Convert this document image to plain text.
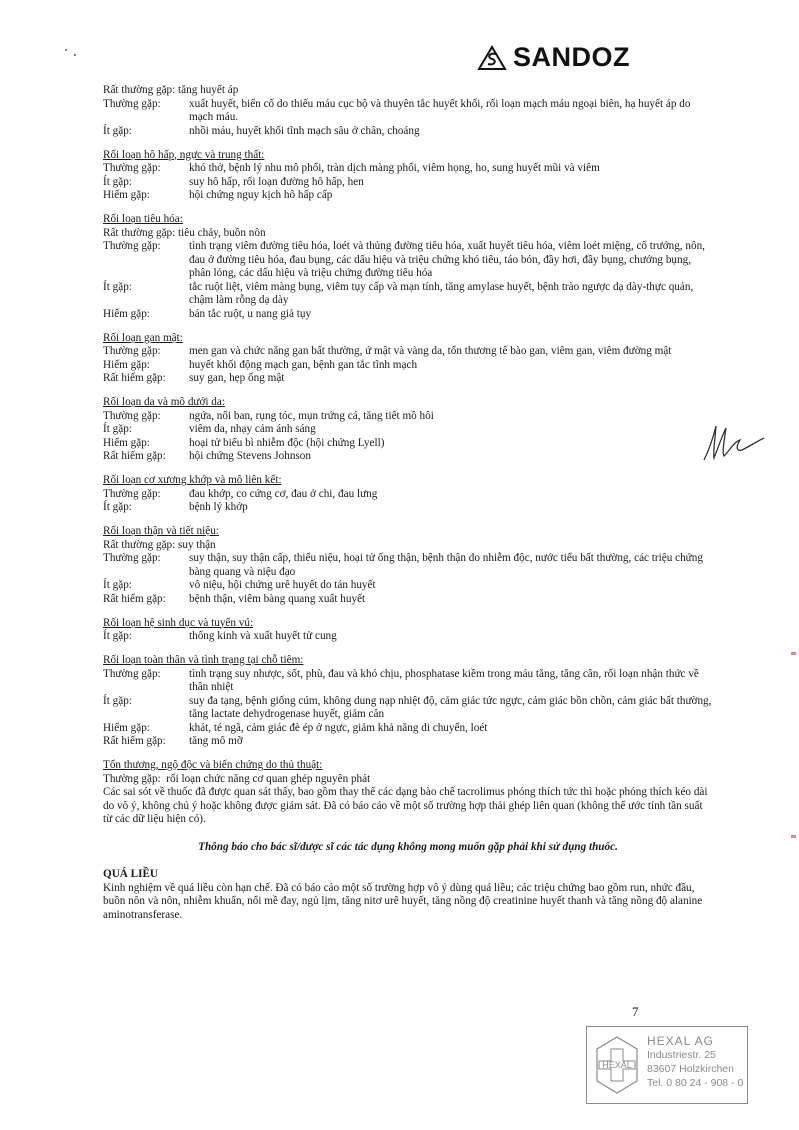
SANDOZ
Rất thường gặp: tăng huyết áp
Thường gặp:	xuất huyết, biến cố do thiếu máu cục bộ và thuyên tắc huyết khối, rối loạn mạch máu ngoại biên, hạ huyết áp do mạch máu.
Ít gặp:	nhồi máu, huyết khối tĩnh mạch sâu ở chân, choáng
Rối loạn hô hấp, ngực và trung thất:
Thường gặp:	khó thở, bệnh lý nhu mô phổi, tràn dịch màng phổi, viêm họng, ho, sung huyết mũi và viêm
Ít gặp:	suy hô hấp, rối loạn đường hô hấp, hen
Hiếm gặp:	hội chứng nguy kịch hô hấp cấp
Rối loạn tiêu hóa:
Rất thường gặp: tiêu chảy, buồn nôn
Thường gặp:	tình trạng viêm đường tiêu hóa, loét và thủng đường tiêu hóa, xuất huyết tiêu hóa, viêm loét miệng, cổ trướng, nôn, đau ở đường tiêu hóa, đau bụng, các dấu hiệu và triệu chứng khó tiêu, táo bón, đầy hơi, đầy bụng, chướng bụng, phân lỏng, các dấu hiệu và triệu chứng đường tiêu hóa
Ít gặp:	tắc ruột liệt, viêm màng bụng, viêm tụy cấp và mạn tính, tăng amylase huyết, bệnh trào ngược dạ dày-thực quản, chậm làm rỗng dạ dày
Hiếm gặp:	bán tắc ruột, u nang giả tụy
Rối loạn gan mật:
Thường gặp:	men gan và chức năng gan bất thường, ứ mật và vàng da, tổn thương tế bào gan, viêm gan, viêm đường mật
Hiếm gặp:	huyết khối động mạch gan, bệnh gan tắc tĩnh mạch
Rất hiếm gặp:	suy gan, hẹp ống mật
Rối loạn da và mô dưới da:
Thường gặp:	ngứa, nổi ban, rụng tóc, mụn trứng cá, tăng tiết mồ hôi
Ít gặp:	viêm da, nhạy cảm ánh sáng
Hiếm gặp:	hoại tử biểu bì nhiễm độc (hội chứng Lyell)
Rất hiếm gặp:	hội chứng Stevens Johnson
Rối loạn cơ xương khớp và mô liên kết:
Thường gặp:	đau khớp, co cứng cơ, đau ở chi, đau lưng
Ít gặp:	bệnh lý khớp
Rối loạn thận và tiết niệu:
Rất thường gặp: suy thận
Thường gặp:	suy thận, suy thận cấp, thiểu niệu, hoại tử ống thận, bệnh thận do nhiễm độc, nước tiểu bất thường, các triệu chứng bàng quang và niệu đạo
Ít gặp:	vô niệu, hội chứng urê huyết do tán huyết
Rất hiếm gặp:	bệnh thận, viêm bàng quang xuất huyết
Rối loạn hệ sinh dục và tuyến vú:
Ít gặp:	thống kinh và xuất huyết tử cung
Rối loạn toàn thân và tình trạng tại chỗ tiêm:
Thường gặp:	tình trạng suy nhược, sốt, phù, đau và khó chịu, phosphatase kiềm trong máu tăng, tăng cân, rối loạn nhận thức về thân nhiệt
Ít gặp:	suy đa tạng, bệnh giống cúm, không dung nạp nhiệt độ, cảm giác tức ngực, cảm giác bồn chồn, cảm giác bất thường, tăng lactate dehydrogenase huyết, giảm cân
Hiếm gặp:	khát, té ngã, cảm giác đè ép ở ngực, giảm khả năng di chuyển, loét
Rất hiếm gặp:	tăng mô mỡ
Tổn thương, ngộ độc và biến chứng do thủ thuật:
Thường gặp: rối loạn chức năng cơ quan ghép nguyên phát
Các sai sót về thuốc đã được quan sát thấy, bao gồm thay thế các dạng bào chế tacrolimus phóng thích tức thì hoặc phóng thích kéo dài do vô ý, không chủ ý hoặc không được giám sát. Đã có báo cáo về một số trường hợp thải ghép liên quan (không thể ước tính tần suất từ các dữ liệu hiện có).
Thông báo cho bác sĩ/dược sĩ các tác dụng không mong muốn gặp phải khi sử dụng thuốc.
QUÁ LIỀU
Kinh nghiệm về quá liều còn hạn chế. Đã có báo cáo một số trường hợp vô ý dùng quá liều; các triệu chứng bao gồm run, nhức đầu, buồn nôn và nôn, nhiễm khuẩn, nổi mề đay, ngủ lịm, tăng nitơ urê huyết, tăng nồng độ creatinine huyết thanh và tăng nồng độ alanine aminotransferase.
7
HEXAL
HEXAL AG
Industriestr. 25
83607 Holzkirchen
Tel. 0 80 24 - 908 - 0
